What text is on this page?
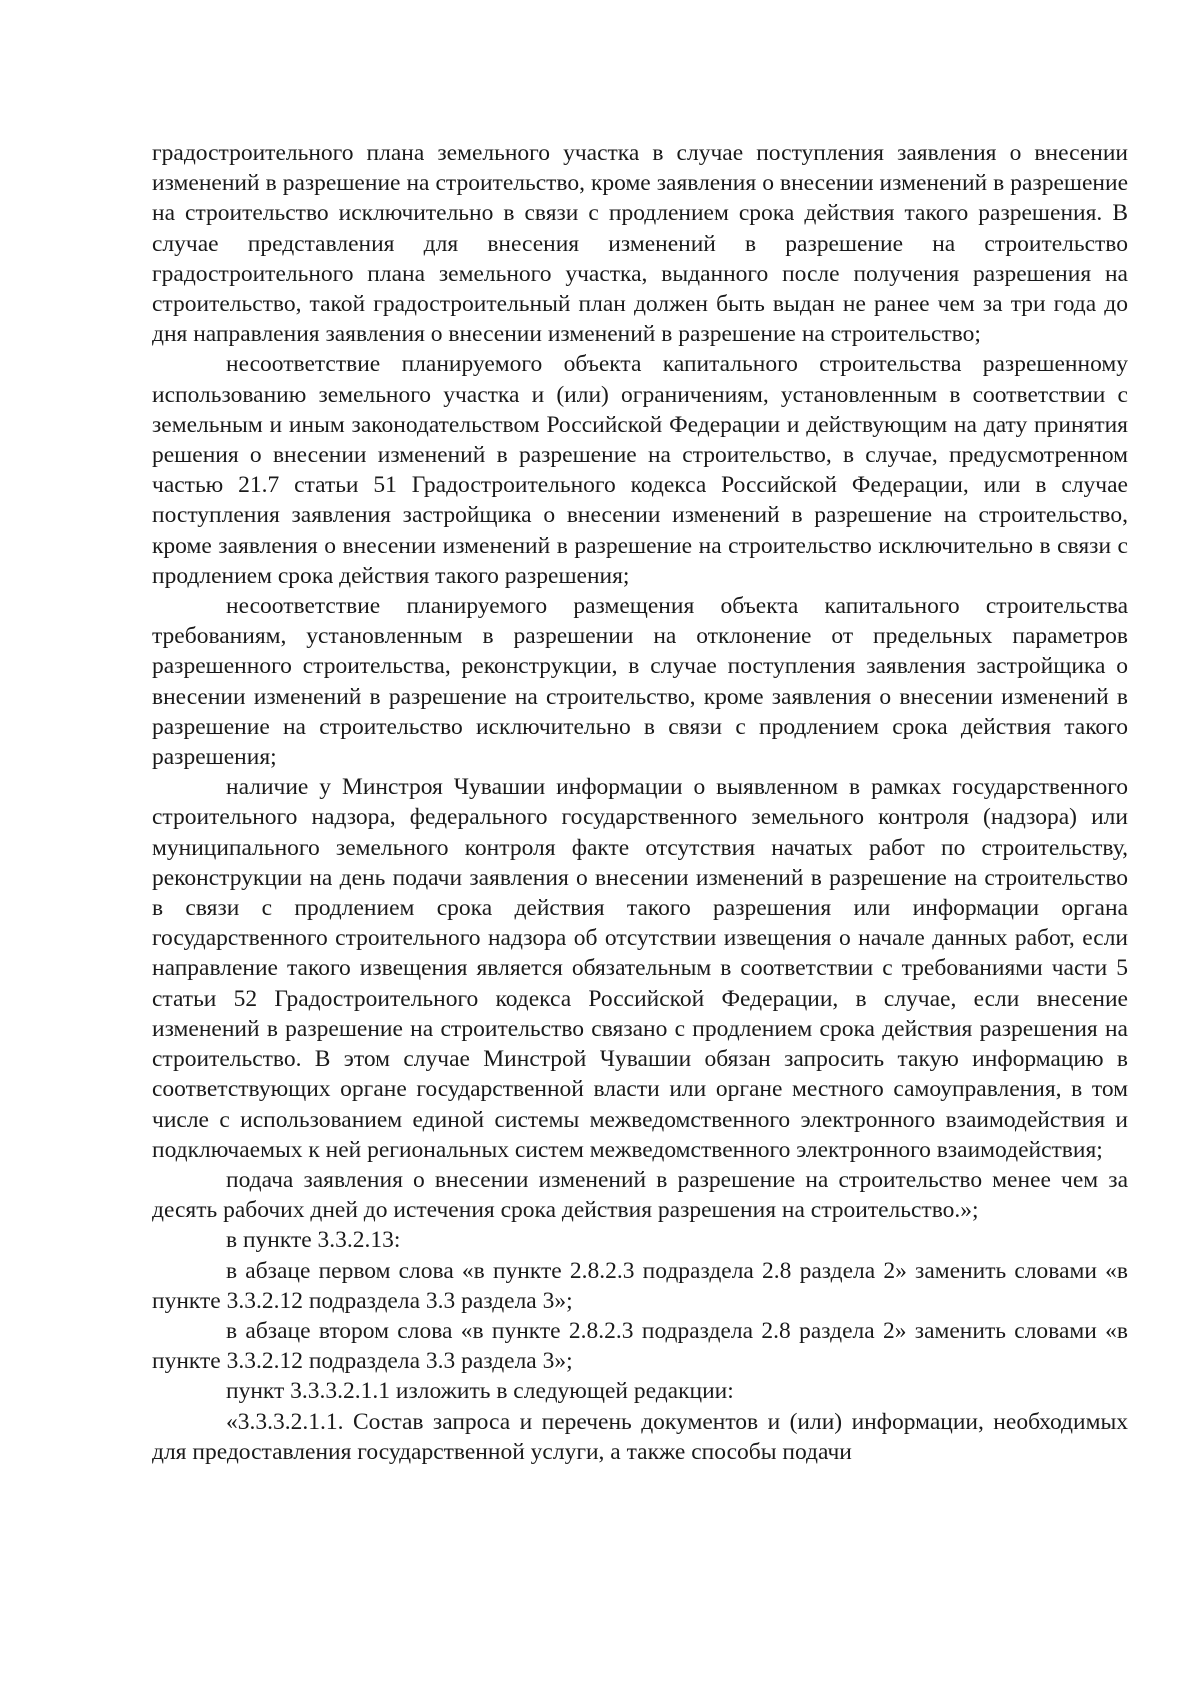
градостроительного плана земельного участка в случае поступления заявления о внесении изменений в разрешение на строительство, кроме заявления о внесении изменений в разрешение на строительство исключительно в связи с продлением срока действия такого разрешения. В случае представления для внесения изменений в разрешение на строительство градостроительного плана земельного участка, выданного после получения разрешения на строительство, такой градостроительный план должен быть выдан не ранее чем за три года до дня направления заявления о внесении изменений в разрешение на строительство;

несоответствие планируемого объекта капитального строительства разрешенному использованию земельного участка и (или) ограничениям, установленным в соответствии с земельным и иным законодательством Российской Федерации и действующим на дату принятия решения о внесении изменений в разрешение на строительство, в случае, предусмотренном частью 21.7 статьи 51 Градостроительного кодекса Российской Федерации, или в случае поступления заявления застройщика о внесении изменений в разрешение на строительство, кроме заявления о внесении изменений в разрешение на строительство исключительно в связи с продлением срока действия такого разрешения;

несоответствие планируемого размещения объекта капитального строительства требованиям, установленным в разрешении на отклонение от предельных параметров разрешенного строительства, реконструкции, в случае поступления заявления застройщика о внесении изменений в разрешение на строительство, кроме заявления о внесении изменений в разрешение на строительство исключительно в связи с продлением срока действия такого разрешения;

наличие у Минстроя Чувашии информации о выявленном в рамках государственного строительного надзора, федерального государственного земельного контроля (надзора) или муниципального земельного контроля факте отсутствия начатых работ по строительству, реконструкции на день подачи заявления о внесении изменений в разрешение на строительство в связи с продлением срока действия такого разрешения или информации органа государственного строительного надзора об отсутствии извещения о начале данных работ, если направление такого извещения является обязательным в соответствии с требованиями части 5 статьи 52 Градостроительного кодекса Российской Федерации, в случае, если внесение изменений в разрешение на строительство связано с продлением срока действия разрешения на строительство. В этом случае Минстрой Чувашии обязан запросить такую информацию в соответствующих органе государственной власти или органе местного самоуправления, в том числе с использованием единой системы межведомственного электронного взаимодействия и подключаемых к ней региональных систем межведомственного электронного взаимодействия;

подача заявления о внесении изменений в разрешение на строительство менее чем за десять рабочих дней до истечения срока действия разрешения на строительство.»;

в пункте 3.3.2.13:

в абзаце первом слова «в пункте 2.8.2.3 подраздела 2.8 раздела 2» заменить словами «в пункте 3.3.2.12 подраздела 3.3 раздела 3»;

в абзаце втором слова «в пункте 2.8.2.3 подраздела 2.8 раздела 2» заменить словами «в пункте 3.3.2.12 подраздела 3.3 раздела 3»;

пункт 3.3.3.2.1.1 изложить в следующей редакции:

«3.3.3.2.1.1. Состав запроса и перечень документов и (или) информации, необходимых для предоставления государственной услуги, а также способы подачи
